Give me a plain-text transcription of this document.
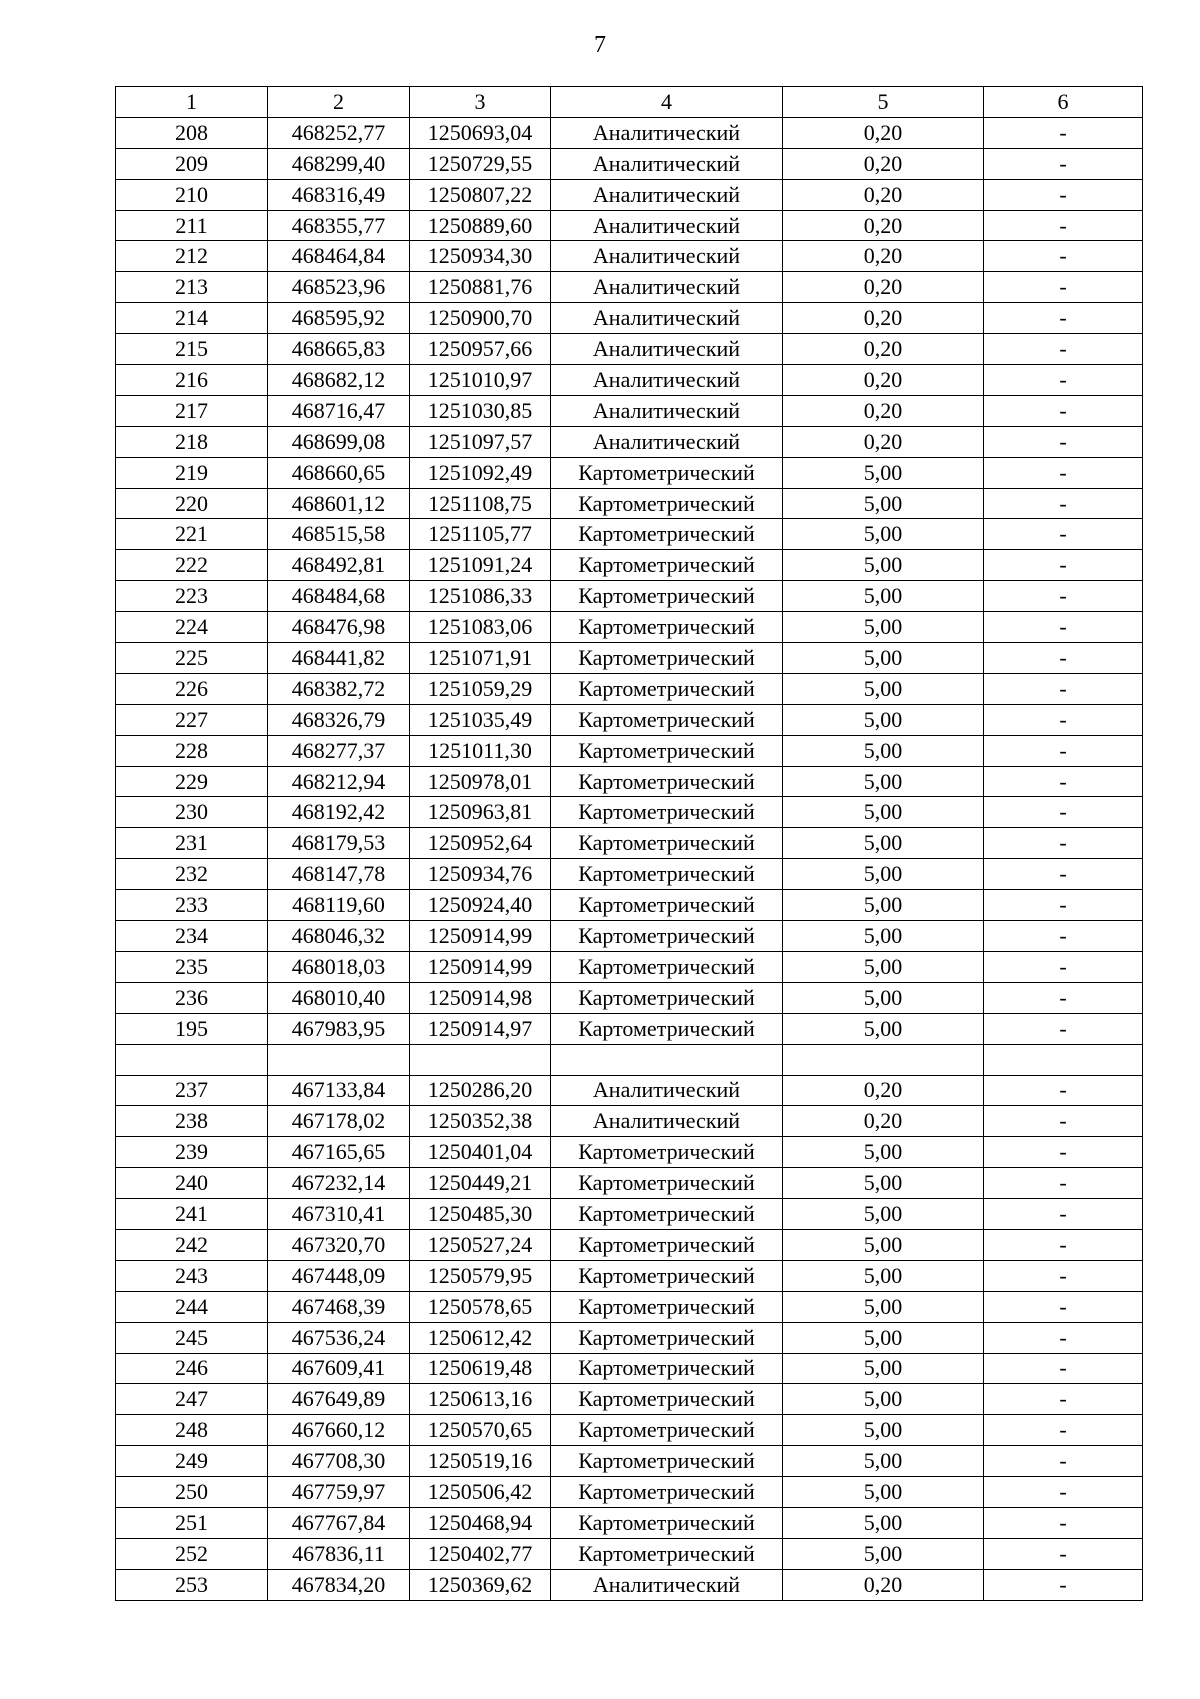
7
1	2	3	4	5	6
208	468252,77	1250693,04	Аналитический	0,20	-
209	468299,40	1250729,55	Аналитический	0,20	-
210	468316,49	1250807,22	Аналитический	0,20	-
211	468355,77	1250889,60	Аналитический	0,20	-
212	468464,84	1250934,30	Аналитический	0,20	-
213	468523,96	1250881,76	Аналитический	0,20	-
214	468595,92	1250900,70	Аналитический	0,20	-
215	468665,83	1250957,66	Аналитический	0,20	-
216	468682,12	1251010,97	Аналитический	0,20	-
217	468716,47	1251030,85	Аналитический	0,20	-
218	468699,08	1251097,57	Аналитический	0,20	-
219	468660,65	1251092,49	Картометрический	5,00	-
220	468601,12	1251108,75	Картометрический	5,00	-
221	468515,58	1251105,77	Картометрический	5,00	-
222	468492,81	1251091,24	Картометрический	5,00	-
223	468484,68	1251086,33	Картометрический	5,00	-
224	468476,98	1251083,06	Картометрический	5,00	-
225	468441,82	1251071,91	Картометрический	5,00	-
226	468382,72	1251059,29	Картометрический	5,00	-
227	468326,79	1251035,49	Картометрический	5,00	-
228	468277,37	1251011,30	Картометрический	5,00	-
229	468212,94	1250978,01	Картометрический	5,00	-
230	468192,42	1250963,81	Картометрический	5,00	-
231	468179,53	1250952,64	Картометрический	5,00	-
232	468147,78	1250934,76	Картометрический	5,00	-
233	468119,60	1250924,40	Картометрический	5,00	-
234	468046,32	1250914,99	Картометрический	5,00	-
235	468018,03	1250914,99	Картометрический	5,00	-
236	468010,40	1250914,98	Картометрический	5,00	-
195	467983,95	1250914,97	Картометрический	5,00	-

237	467133,84	1250286,20	Аналитический	0,20	-
238	467178,02	1250352,38	Аналитический	0,20	-
239	467165,65	1250401,04	Картометрический	5,00	-
240	467232,14	1250449,21	Картометрический	5,00	-
241	467310,41	1250485,30	Картометрический	5,00	-
242	467320,70	1250527,24	Картометрический	5,00	-
243	467448,09	1250579,95	Картометрический	5,00	-
244	467468,39	1250578,65	Картометрический	5,00	-
245	467536,24	1250612,42	Картометрический	5,00	-
246	467609,41	1250619,48	Картометрический	5,00	-
247	467649,89	1250613,16	Картометрический	5,00	-
248	467660,12	1250570,65	Картометрический	5,00	-
249	467708,30	1250519,16	Картометрический	5,00	-
250	467759,97	1250506,42	Картометрический	5,00	-
251	467767,84	1250468,94	Картометрический	5,00	-
252	467836,11	1250402,77	Картометрический	5,00	-
253	467834,20	1250369,62	Аналитический	0,20	-
